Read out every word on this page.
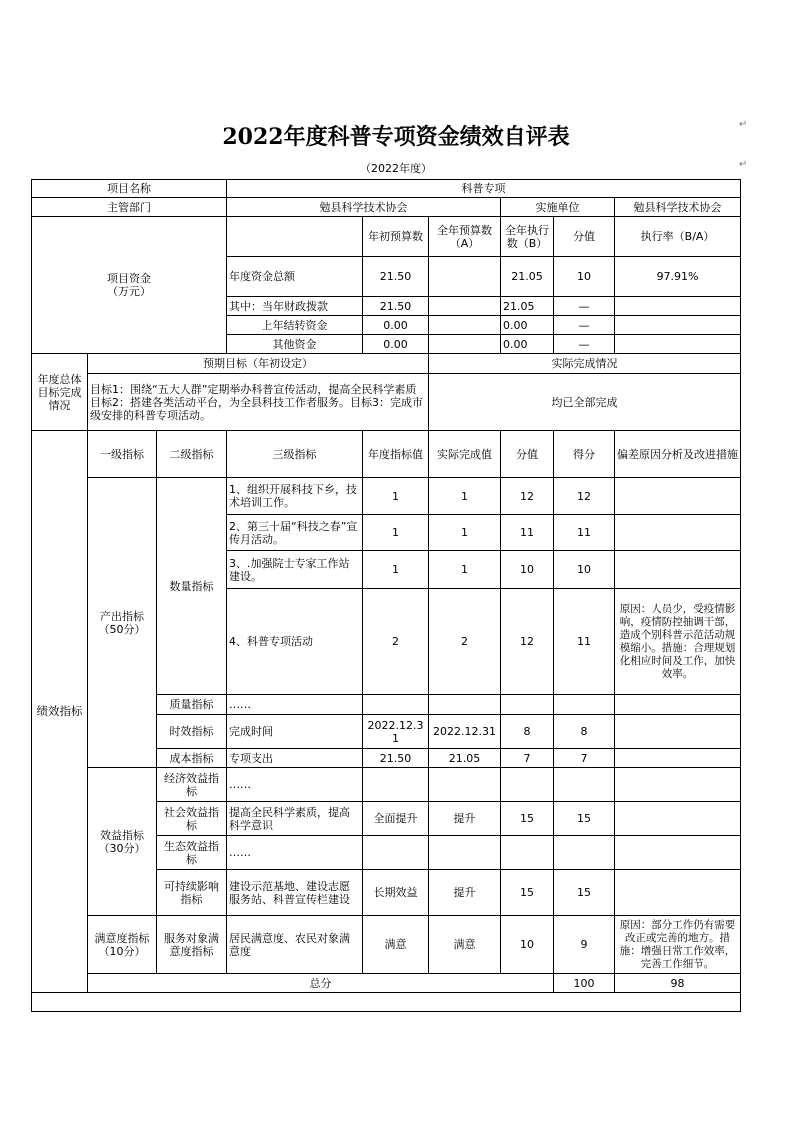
2022年度科普专项资金绩效自评表
（2022年度）
↵
↵
项目名称			科普专项						
主管部门			勉县科学技术协会			实施单位		勉县科学技术协会	
项目资金
（万元）				年初预算数	全年预算数（A）	全年执行数（B）	分值	执行率（B/A）	
			年度资金总额	21.50		21.05	10	97.91%	
			其中：当年财政拨款	21.50		21.05	—		
			上年结转资金	0.00		0.00	—		
			其他资金	0.00		0.00	—		
年度总体目标完成情况	预期目标（年初设定）				实际完成情况				
	目标1：围绕“五大人群”定期举办科普宣传活动，提高全民科学素质目标2：搭建各类活动平台，为全县科技工作者服务。目标3：完成市级安排的科普专项活动。				均已全部完成				
绩效指标	一级指标	二级指标	三级指标	年度指标值	实际完成值	分值	得分	偏差原因分析及改进措施	
	产出指标
（50分）	数量指标	1、组织开展科技下乡，技术培训工作。	1	1	12	12		
			2、第三十届“科技之春”宣传月活动。	1	1	11	11		
			3、.加强院士专家工作站建设。	1	1	10	10		
			4、科普专项活动	2	2	12	11	原因：人员少，受疫情影响，疫情防控抽调干部，造成个别科普示范活动规模缩小。措施：合理规划化相应时间及工作，加快效率。	
		质量指标	……						
		时效指标	完成时间	2022.12.31	2022.12.31	8	8		
		成本指标	专项支出	21.50	21.05	7	7		
	效益指标
（30分）	经济效益指标	……						
		社会效益指标	提高全民科学素质，提高科学意识	全面提升	提升	15	15		
		生态效益指标	……						
		可持续影响指标	建设示范基地、建设志愿服务站、科普宣传栏建设	长期效益	提升	15	15		
	满意度指标
（10分）	服务对象满意度指标	居民满意度、农民对象满意度	满意	满意	10	9	原因：部分工作仍有需要改正或完善的地方。措施：增强日常工作效率，完善工作细节。	
	总分						100	98	
